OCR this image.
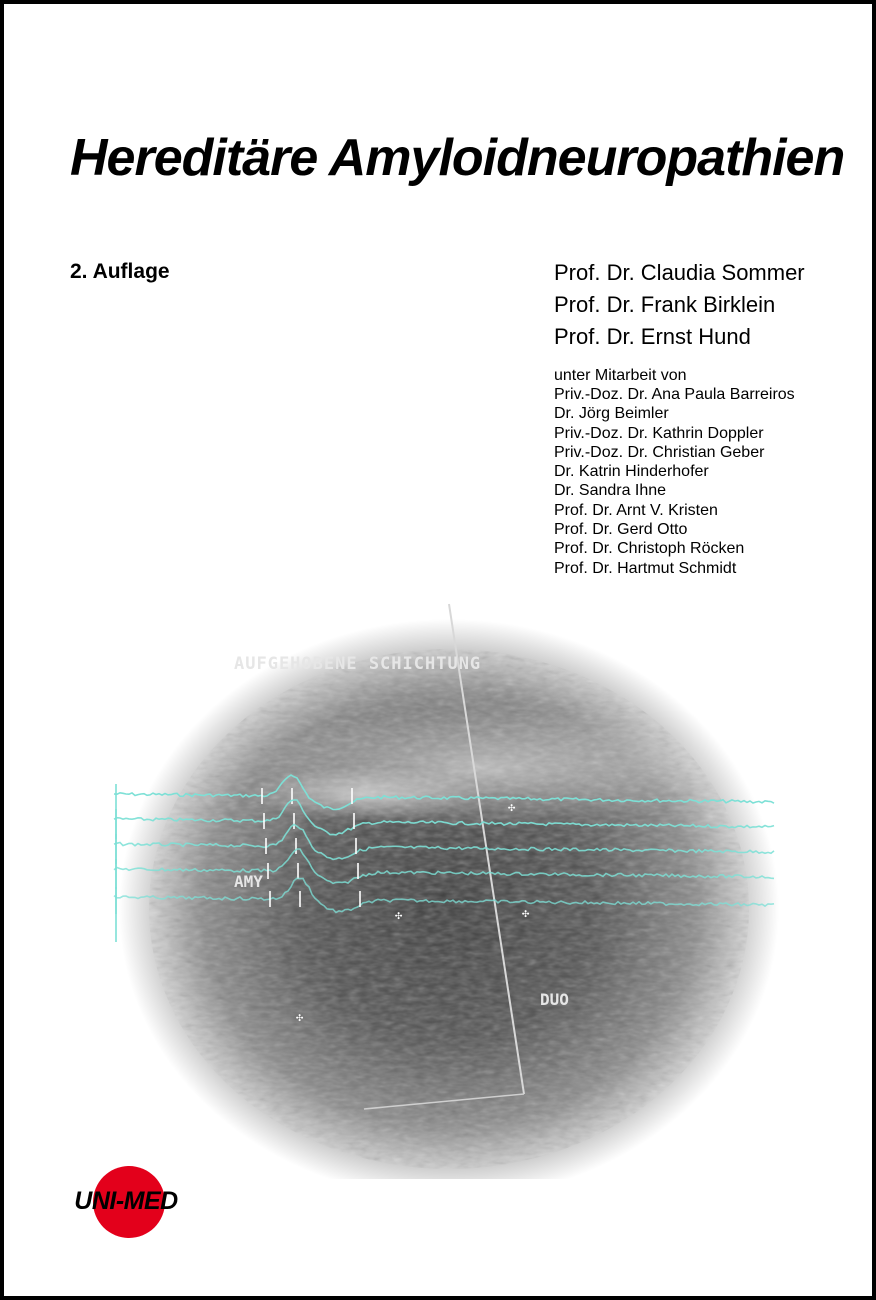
Hereditäre Amyloidneuropathien
2. Auflage	Prof. Dr. Claudia Sommer
Prof. Dr. Frank Birklein
Prof. Dr. Ernst Hund
unter Mitarbeit von
Priv.-Doz. Dr. Ana Paula Barreiros
Dr. Jörg Beimler
Priv.-Doz. Dr. Kathrin Doppler
Priv.-Doz. Dr. Christian Geber
Dr. Katrin Hinderhofer
Dr. Sandra Ihne
Prof. Dr. Arnt V. Kristen
Prof. Dr. Gerd Otto
Prof. Dr. Christoph Röcken
Prof. Dr. Hartmut Schmidt
AUFGEHOBENE SCHICHTUNG
AMY
DUO
✣
✣
✣
✣
UNI-MED
